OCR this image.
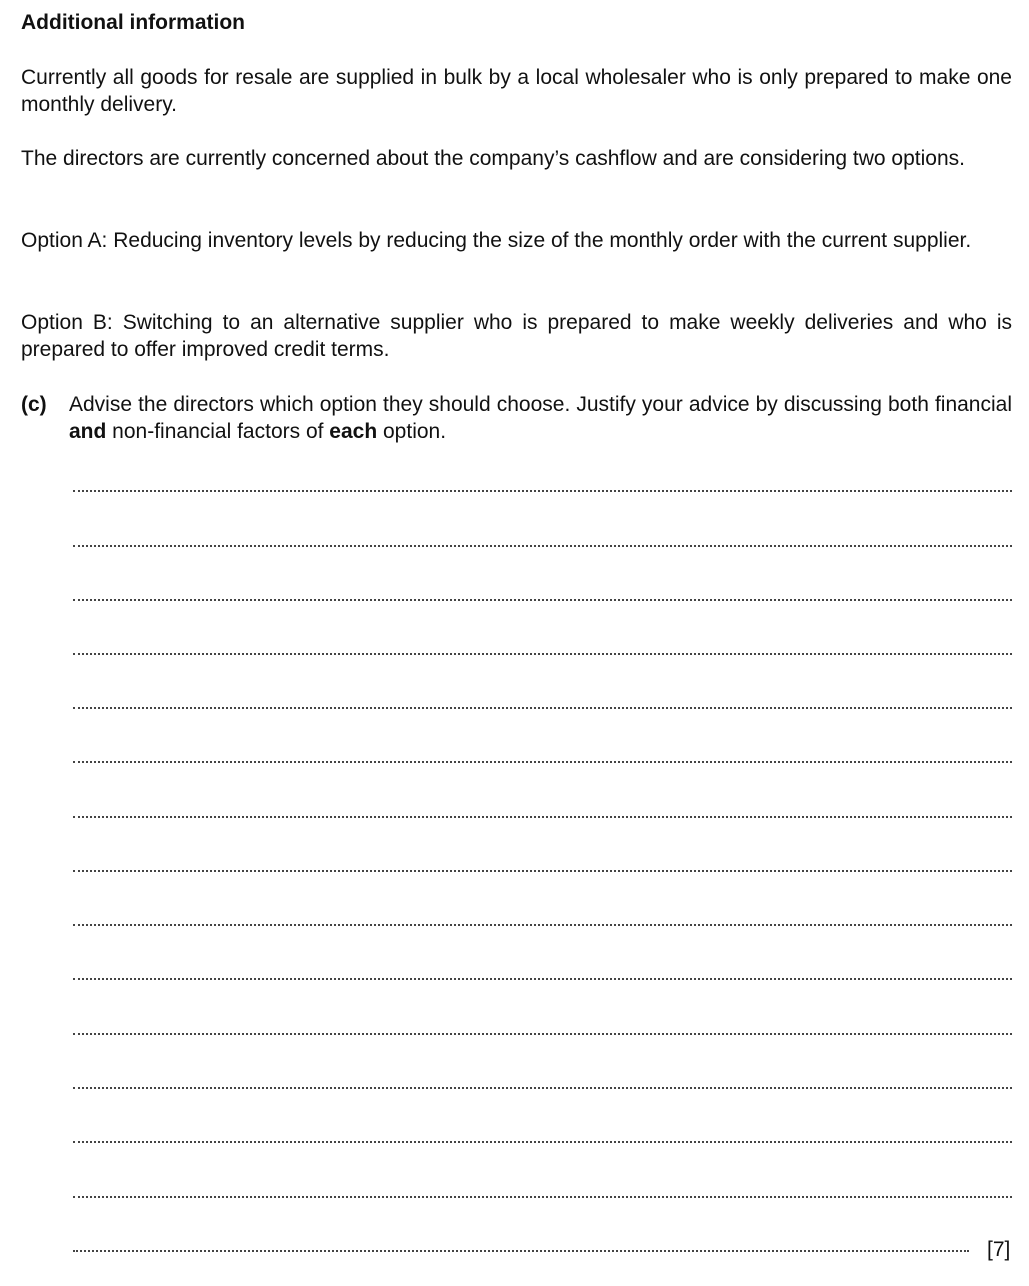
Additional information
Currently all goods for resale are supplied in bulk by a local wholesaler who is only prepared to make one monthly delivery.
The directors are currently concerned about the company’s cashflow and are considering two options.
Option A: Reducing inventory levels by reducing the size of the monthly order with the current supplier.
Option B: Switching to an alternative supplier who is prepared to make weekly deliveries and who is prepared to offer improved credit terms.
(c) Advise the directors which option they should choose. Justify your advice by discussing both financial and non-financial factors of each option.
[7]
